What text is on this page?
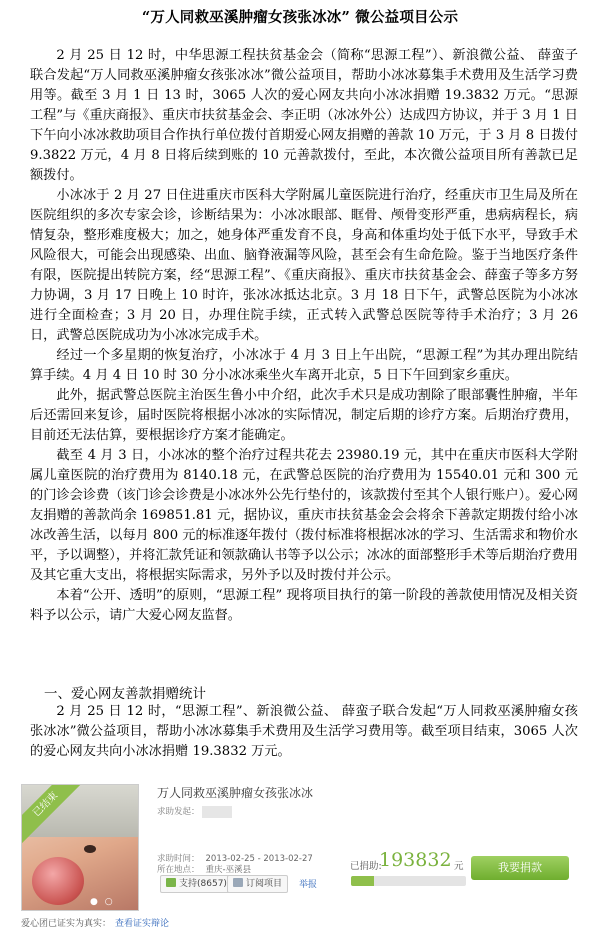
“万人同救巫溪肿瘤女孩张冰冰” 微公益项目公示

2 月 25 日 12 时，中华思源工程扶贫基金会（简称“思源工程”）、新浪微公益、 薛蛮子联合发起“万人同救巫溪肿瘤女孩张冰冰”微公益项目，帮助小冰冰募集手术费用及生活学习费用等。截至 3 月 1 日 13 时，3065 人次的爱心网友共向小冰冰捐赠 19.3832 万元。“思源工程”与《重庆商报》、重庆市扶贫基金会、李正明（冰冰外公）达成四方协议，并于 3 月 1 日下午向小冰冰救助项目合作执行单位拨付首期爱心网友捐赠的善款 10 万元，于 3 月 8 日拨付 9.3822 万元，4 月 8 日将后续到账的 10 元善款拨付，至此，本次微公益项目所有善款已足额拨付。

小冰冰于 2 月 27 日住进重庆市医科大学附属儿童医院进行治疗，经重庆市卫生局及所在医院组织的多次专家会诊，诊断结果为：小冰冰眼部、眶骨、颅骨变形严重，患病病程长，病情复杂，整形难度极大；加之，她身体严重发育不良，身高和体重均处于低下水平，导致手术风险很大，可能会出现感染、出血、脑脊液漏等风险，甚至会有生命危险。鉴于当地医疗条件有限，医院提出转院方案，经“思源工程”、《重庆商报》、重庆市扶贫基金会、薛蛮子等多方努力协调，3 月 17 日晚上 10 时许，张冰冰抵达北京。3 月 18 日下午，武警总医院为小冰冰进行全面检查；3 月 20 日，办理住院手续，正式转入武警总医院等待手术治疗；3 月 26 日，武警总医院成功为小冰冰完成手术。

经过一个多星期的恢复治疗，小冰冰于 4 月 3 日上午出院，“思源工程”为其办理出院结算手续。4 月 4 日 10 时 30 分小冰冰乘坐火车离开北京，5 日下午回到家乡重庆。

此外，据武警总医院主治医生鲁小中介绍，此次手术只是成功割除了眼部囊性肿瘤，半年后还需回来复诊，届时医院将根据小冰冰的实际情况，制定后期的诊疗方案。后期治疗费用，目前还无法估算，要根据诊疗方案才能确定。

截至 4 月 3 日，小冰冰的整个治疗过程共花去 23980.19 元，其中在重庆市医科大学附属儿童医院的治疗费用为 8140.18 元，在武警总医院的治疗费用为 15540.01 元和 300 元的门诊会诊费（该门诊会诊费是小冰冰外公先行垫付的，该款拨付至其个人银行账户）。爱心网友捐赠的善款尚余 169851.81 元，据协议，重庆市扶贫基金会会将余下善款定期拨付给小冰冰改善生活，以每月 800 元的标准逐年拨付（拨付标准将根据冰冰的学习、生活需求和物价水平，予以调整），并将汇款凭证和领款确认书等予以公示；冰冰的面部整形手术等后期治疗费用及其它重大支出，将根据实际需求，另外予以及时拨付并公示。

本着“公开、透明”的原则，“思源工程” 现将项目执行的第一阶段的善款使用情况及相关资料予以公示，请广大爱心网友监督。

一、爱心网友善款捐赠统计

2 月 25 日 12 时，“思源工程”、新浪微公益、 薛蛮子联合发起“万人同救巫溪肿瘤女孩张冰冰”微公益项目，帮助小冰冰募集手术费用及生活学习费用等。截至项目结束，3065 人次的爱心网友共向小冰冰捐赠 19.3832 万元。

已结束
● ○
爱心团已证实为真实： 查看证实辩论
万人同救巫溪肿瘤女孩张冰冰
求助发起：
求助时间： 2013-02-25 - 2013-02-27
所在地点： 重庆-巫溪县
支持(8657)	订阅项目	举报
已捐助:
193832 元	我要捐款
